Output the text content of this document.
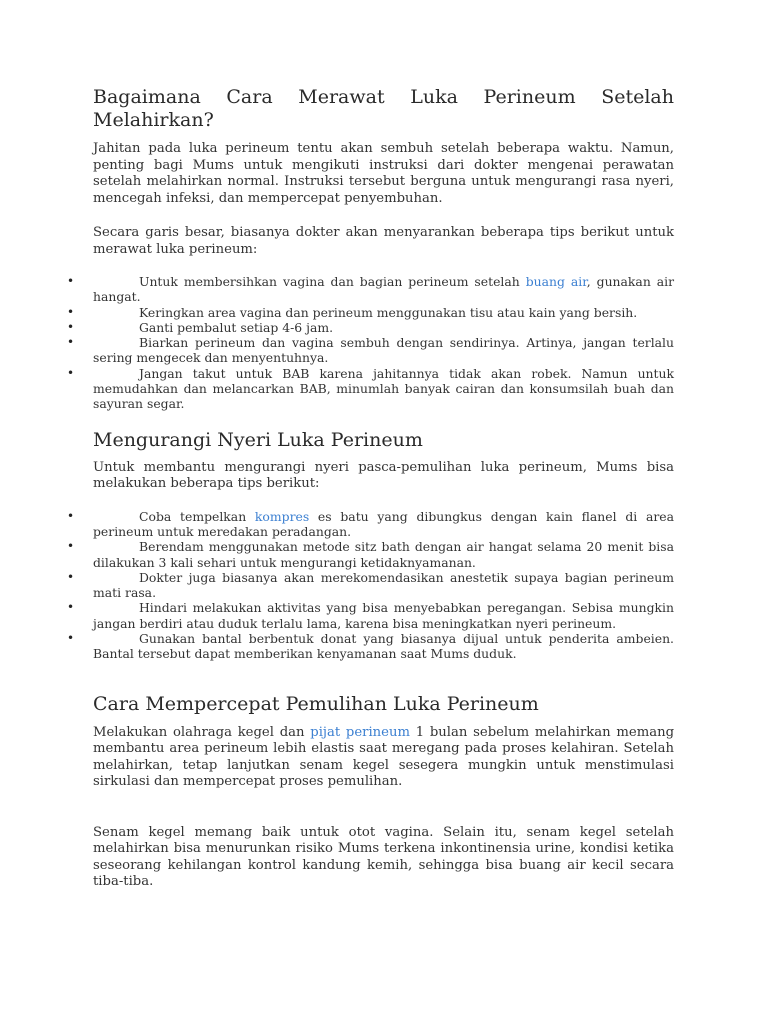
Bagaimana Cara Merawat Luka Perineum Setelah Melahirkan?

Jahitan pada luka perineum tentu akan sembuh setelah beberapa waktu. Namun, penting bagi Mums untuk mengikuti instruksi dari dokter mengenai perawatan setelah melahirkan normal. Instruksi tersebut berguna untuk mengurangi rasa nyeri, mencegah infeksi, dan mempercepat penyembuhan.

Secara garis besar, biasanya dokter akan menyarankan beberapa tips berikut untuk merawat luka perineum:

•	Untuk membersihkan vagina dan bagian perineum setelah buang air, gunakan air hangat.
•	Keringkan area vagina dan perineum menggunakan tisu atau kain yang bersih.
•	Ganti pembalut setiap 4-6 jam.
•	Biarkan perineum dan vagina sembuh dengan sendirinya. Artinya, jangan terlalu sering mengecek dan menyentuhnya.
•	Jangan takut untuk BAB karena jahitannya tidak akan robek. Namun untuk memudahkan dan melancarkan BAB, minumlah banyak cairan dan konsumsilah buah dan sayuran segar.
Mengurangi Nyeri Luka Perineum

Untuk membantu mengurangi nyeri pasca-pemulihan luka perineum, Mums bisa melakukan beberapa tips berikut:

•	Coba tempelkan kompres es batu yang dibungkus dengan kain flanel di area perineum untuk meredakan peradangan.
•	Berendam menggunakan metode sitz bath dengan air hangat selama 20 menit bisa dilakukan 3 kali sehari untuk mengurangi ketidaknyamanan.
•	Dokter juga biasanya akan merekomendasikan anestetik supaya bagian perineum mati rasa.
•	Hindari melakukan aktivitas yang bisa menyebabkan peregangan. Sebisa mungkin jangan berdiri atau duduk terlalu lama, karena bisa meningkatkan nyeri perineum.
•	Gunakan bantal berbentuk donat yang biasanya dijual untuk penderita ambeien. Bantal tersebut dapat memberikan kenyamanan saat Mums duduk.
Cara Mempercepat Pemulihan Luka Perineum

Melakukan olahraga kegel dan pijat perineum 1 bulan sebelum melahirkan memang membantu area perineum lebih elastis saat meregang pada proses kelahiran. Setelah melahirkan, tetap lanjutkan senam kegel sesegera mungkin untuk menstimulasi sirkulasi dan mempercepat proses pemulihan.

Senam kegel memang baik untuk otot vagina. Selain itu, senam kegel setelah melahirkan bisa menurunkan risiko Mums terkena inkontinensia urine, kondisi ketika seseorang kehilangan kontrol kandung kemih, sehingga bisa buang air kecil secara tiba-tiba.
